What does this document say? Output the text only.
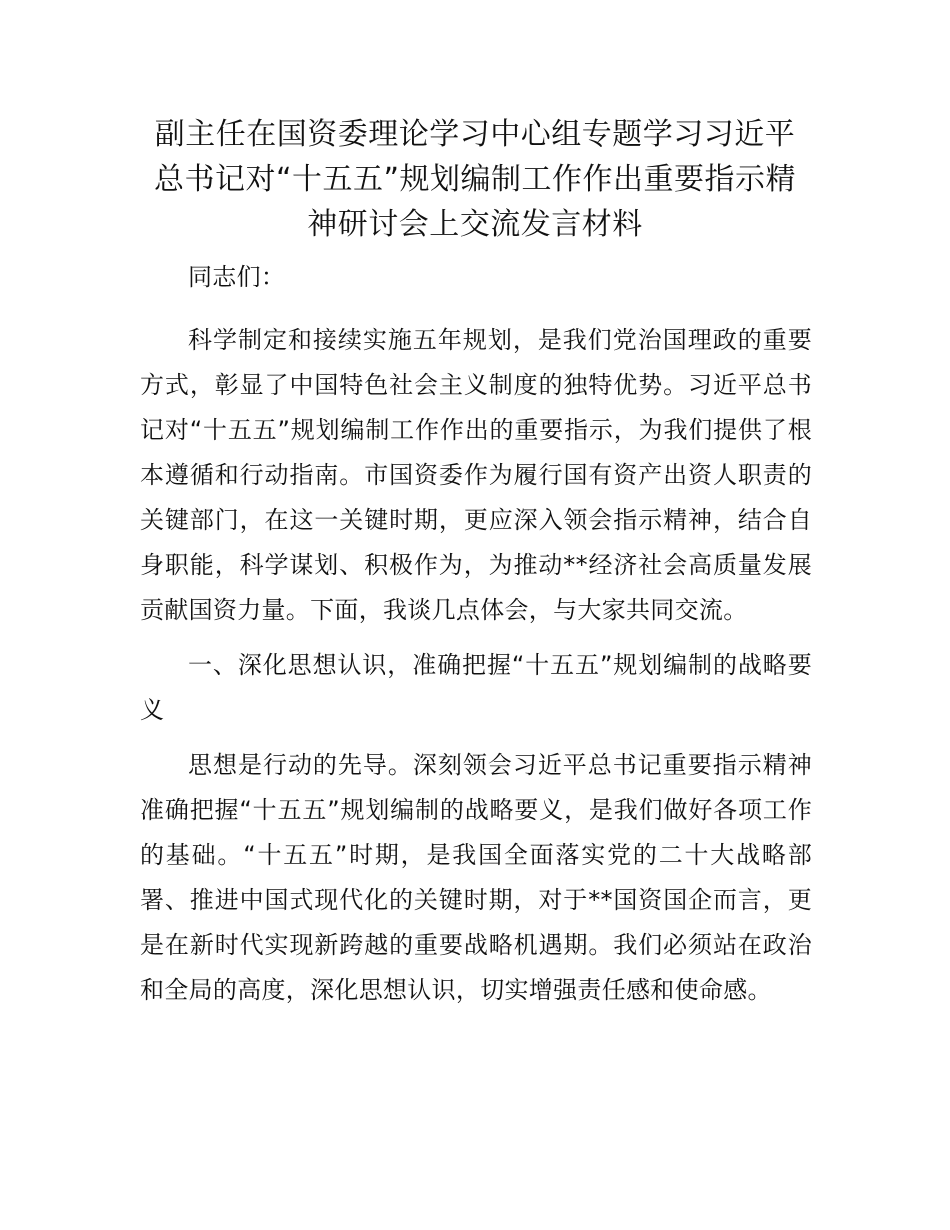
副主任在国资委理论学习中心组专题学习习近平总书记对“十五五”规划编制工作作出重要指示精神研讨会上交流发言材料

同志们：

科学制定和接续实施五年规划，是我们党治国理政的重要方式，彰显了中国特色社会主义制度的独特优势。习近平总书记对“十五五”规划编制工作作出的重要指示，为我们提供了根本遵循和行动指南。市国资委作为履行国有资产出资人职责的关键部门，在这一关键时期，更应深入领会指示精神，结合自身职能，科学谋划、积极作为，为推动**经济社会高质量发展贡献国资力量。下面，我谈几点体会，与大家共同交流。

一、深化思想认识，准确把握“十五五”规划编制的战略要义

思想是行动的先导。深刻领会习近平总书记重要指示精神准确把握“十五五”规划编制的战略要义，是我们做好各项工作的基础。“十五五”时期，是我国全面落实党的二十大战略部署、推进中国式现代化的关键时期，对于**国资国企而言，更是在新时代实现新跨越的重要战略机遇期。我们必须站在政治和全局的高度，深化思想认识，切实增强责任感和使命感。
